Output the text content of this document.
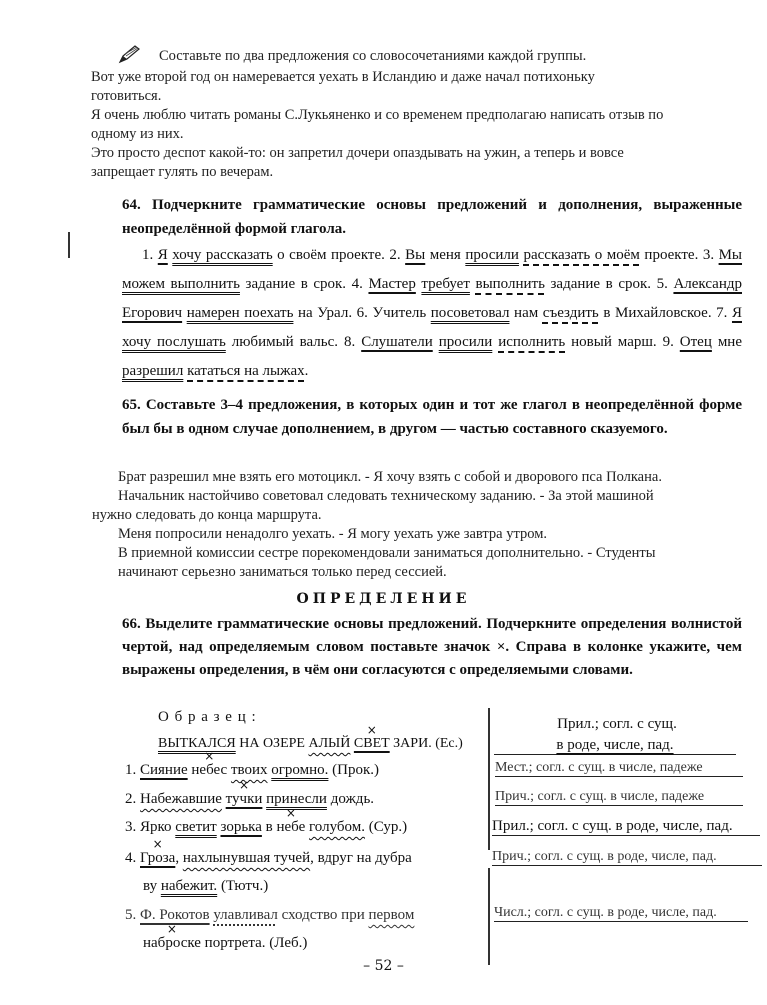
Составьте по два предложения со словосочетаниями каждой группы.
Вот уже второй год он намеревается уехать в Исландию и даже начал потихоньку
готовиться.
Я очень люблю читать романы С.Лукьяненко и со временем предполагаю написать отзыв по
одному из них.
Это просто деспот какой-то: он запретил дочери опаздывать на ужин, а теперь и вовсе
запрещает гулять по вечерам.
64. Подчеркните грамматические основы предложений и дополнения, выраженные неопределённой формой глагола.
1. Я хочу рассказать о своём проекте. 2. Вы меня просили рассказать о моём проекте. 3. Мы можем выполнить задание в срок. 4. Мастер требует выполнить задание в срок. 5. Александр Егорович намерен поехать на Урал. 6. Учитель посоветовал нам съездить в Михайловское. 7. Я хочу послушать любимый вальс. 8. Слушатели просили исполнить новый марш. 9. Отец мне разрешил кататься на лыжах.
65. Составьте 3–4 предложения, в которых один и тот же глагол в неопределённой форме был бы в одном случае дополнением, в другом — частью составного сказуемого.
Брат разрешил мне взять его мотоцикл. - Я хочу взять с собой и дворового пса Полкана.
Начальник настойчиво советовал следовать техническому заданию. - За этой машиной
нужно следовать до конца маршрута.
Меня попросили ненадолго уехать. - Я могу уехать уже завтра утром.
В приемной комиссии сестре порекомендовали заниматься дополнительно. - Студенты
начинают серьезно заниматься только перед сессией.
ОПРЕДЕЛЕНИЕ
66. Выделите грамматические основы предложений. Подчеркните определения волнистой чертой, над определяемым словом поставьте значок ×. Справа в колонке укажите, чем выражены определения, в чём они согласуются с определяемыми словами.
О б р а з е ц :
ВЫТКАЛСЯ НА ОЗЕРЕ АЛЫЙ × СВЕТ ЗАРИ. (Ес.)
Прил.; согл. с сущ.
в роде, числе, пад.
1. Сияние × небес твоих огромно. (Прок.)
2. Набежавшие × тучки принесли дождь.
3. Ярко светит зорька в × небе голубом. (Сур.)
4. × Гроза, нахлынувшая тучей, вдруг на дубра
ву набежит. (Тютч.)
5. Ф. Рокотов улавливал сходство при первом
× наброске портрета. (Леб.)
Мест.; согл. с сущ. в числе, падеже
Прич.; согл. с сущ. в числе, падеже
Прил.; согл. с сущ. в роде, числе, пад.
Прич.; согл. с сущ. в роде, числе, пад.
Числ.; согл. с сущ. в роде, числе, пад.
– 52 –
